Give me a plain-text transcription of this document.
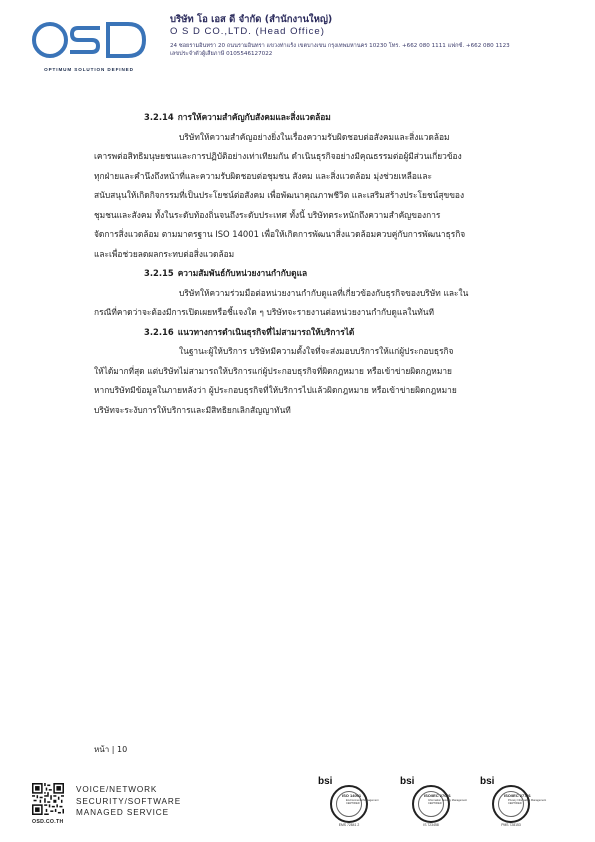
OPTIMUM SOLUTION DEFINED
บริษัท โอ เอส ดี จำกัด (สำนักงานใหญ่)
O S D CO.,LTD. (Head Office)
24 ซอยรามอินทรา 20 ถนนรามอินทรา แขวงท่าแร้ง เขตบางเขน กรุงเทพมหานคร 10230 โทร. +662 080 1111 แฟกซ์. +662 080 1123
เลขประจำตัวผู้เสียภาษี 0105546127022
3.2.14 การให้ความสำคัญกับสังคมและสิ่งแวดล้อม
บริษัทให้ความสำคัญอย่างยิ่งในเรื่องความรับผิดชอบต่อสังคมและสิ่งแวดล้อม
เคารพต่อสิทธิมนุษยชนและการปฏิบัติอย่างเท่าเทียมกัน ดำเนินธุรกิจอย่างมีคุณธรรมต่อผู้มีส่วนเกี่ยวข้อง
ทุกฝ่ายและคำนึงถึงหน้าที่และความรับผิดชอบต่อชุมชน สังคม และสิ่งแวดล้อม มุ่งช่วยเหลือและ
สนับสนุนให้เกิดกิจกรรมที่เป็นประโยชน์ต่อสังคม เพื่อพัฒนาคุณภาพชีวิต และเสริมสร้างประโยชน์สุขของ
ชุมชนและสังคม ทั้งในระดับท้องถิ่นจนถึงระดับประเทศ ทั้งนี้ บริษัทตระหนักถึงความสำคัญของการ
จัดการสิ่งแวดล้อม ตามมาตรฐาน ISO 14001 เพื่อให้เกิดการพัฒนาสิ่งแวดล้อมควบคู่กับการพัฒนาธุรกิจ
และเพื่อช่วยลดผลกระทบต่อสิ่งแวดล้อม
3.2.15 ความสัมพันธ์กับหน่วยงานกำกับดูแล
บริษัทให้ความร่วมมือต่อหน่วยงานกำกับดูแลที่เกี่ยวข้องกับธุรกิจของบริษัท และใน
กรณีที่คาดว่าจะต้องมีการเปิดเผยหรือชี้แจงใด ๆ บริษัทจะรายงานต่อหน่วยงานกำกับดูแลในทันที
3.2.16 แนวทางการดำเนินธุรกิจที่ไม่สามารถให้บริการได้
ในฐานะผู้ให้บริการ บริษัทมีความตั้งใจที่จะส่งมอบบริการให้แก่ผู้ประกอบธุรกิจ
ให้ได้มากที่สุด แต่บริษัทไม่สามารถให้บริการแก่ผู้ประกอบธุรกิจที่ผิดกฎหมาย หรือเข้าข่ายผิดกฎหมาย
หากบริษัทมีข้อมูลในภายหลังว่า ผู้ประกอบธุรกิจที่ให้บริการไปแล้วผิดกฎหมาย หรือเข้าข่ายผิดกฎหมาย
บริษัทจะระงับการให้บริการและมีสิทธิยกเลิกสัญญาทันที
หน้า | 10
OSD.CO.TH
VOICE/NETWORK
SECURITY/SOFTWARE
MANAGED SERVICE
bsi
ISO 14001
Environmental Management
CERTIFIED
EMS 72841 2
bsi
ISO/IEC 27001
Information Security Management
CERTIFIED
IS 723458
bsi
ISO/IEC 27701
Privacy Information Management
CERTIFIED
PMS 728153
